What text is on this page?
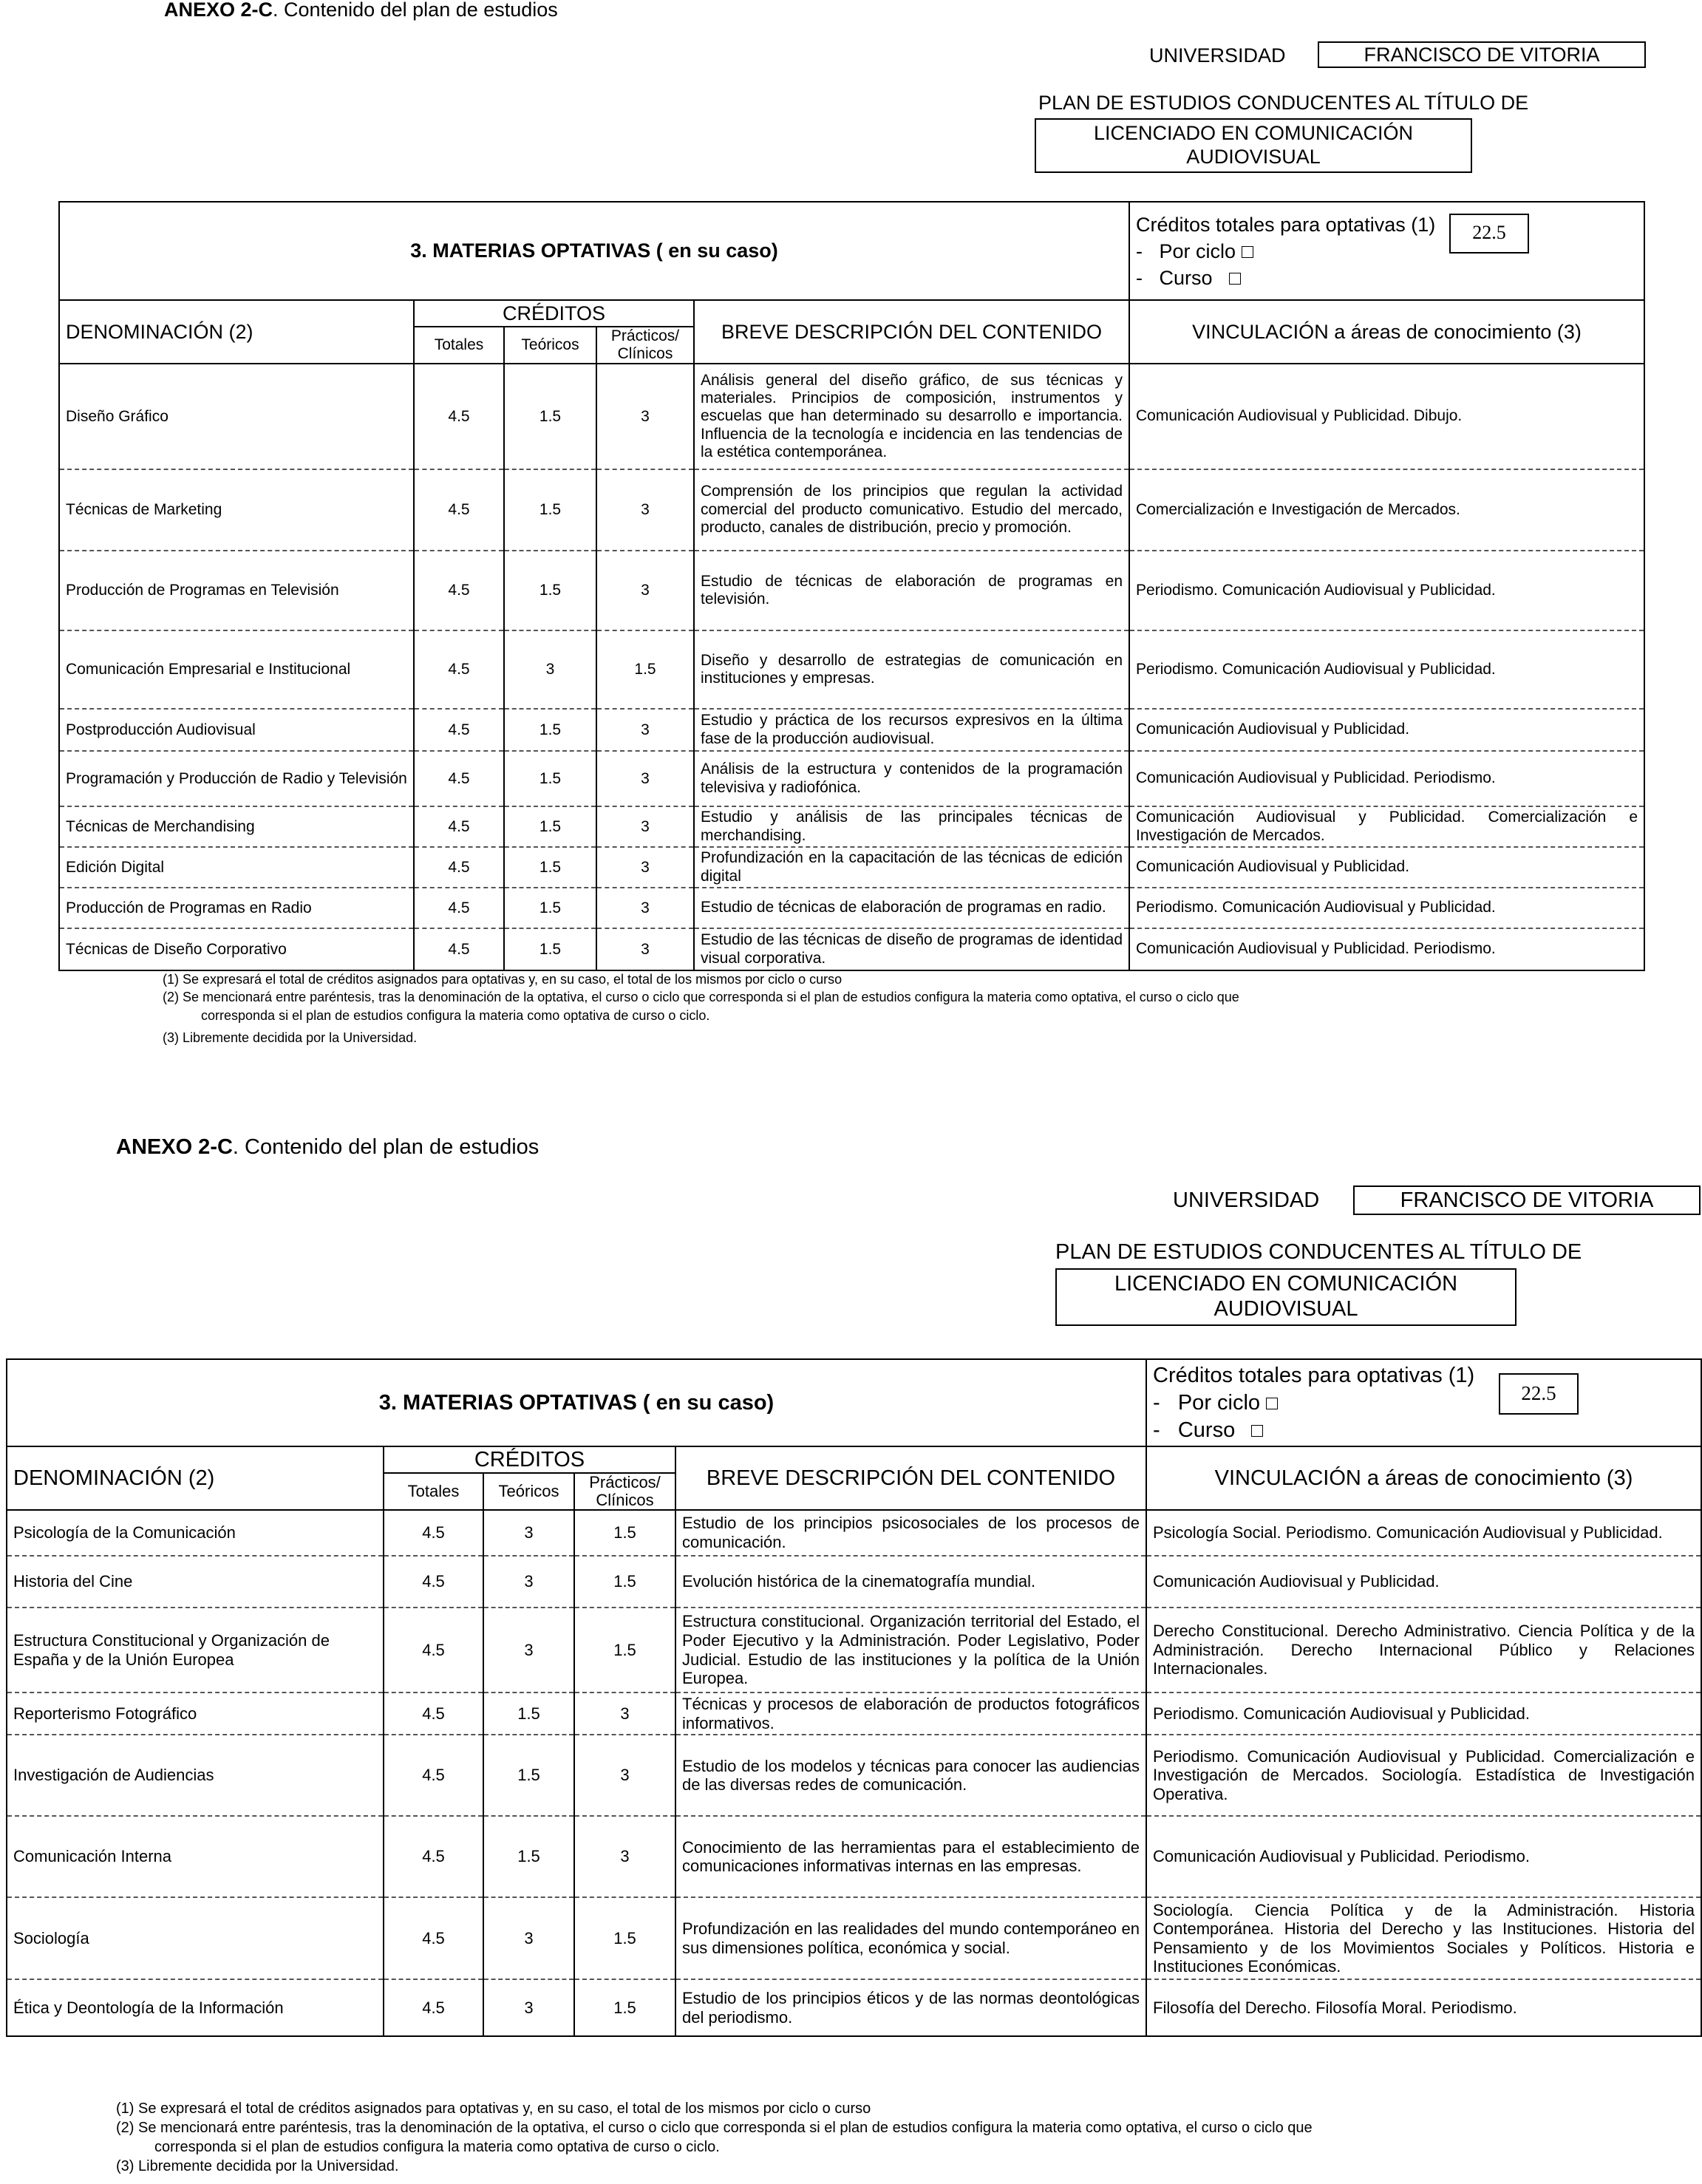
ANEXO 2-C. Contenido del plan de estudios
UNIVERSIDAD	FRANCISCO DE VITORIA
PLAN DE ESTUDIOS CONDUCENTES AL TÍTULO DE
LICENCIADO EN COMUNICACIÓN
AUDIOVISUAL
3. MATERIAS OPTATIVAS ( en su caso)					Créditos totales para optativas (1)
-   Por ciclo
-   Curso
22.5

DENOMINACIÓN (2)	CRÉDITOS			BREVE DESCRIPCIÓN DEL CONTENIDO	VINCULACIÓN a áreas de conocimiento (3)
	Totales	Teóricos	Prácticos/ Clínicos		
Diseño Gráfico	4.5	1.5	3	Análisis general del diseño gráfico, de sus técnicas y materiales. Principios de composición, instrumentos y escuelas que han determinado su desarrollo e importancia. Influencia de la tecnología e incidencia en las tendencias de la estética contemporánea.	Comunicación Audiovisual y Publicidad. Dibujo.
Técnicas de Marketing	4.5	1.5	3	Comprensión de los principios que regulan la actividad comercial del producto comunicativo. Estudio del mercado, producto, canales de distribución, precio y promoción.	Comercialización e Investigación de Mercados.
Producción de Programas en Televisión	4.5	1.5	3	Estudio de técnicas de elaboración de programas en televisión.	Periodismo. Comunicación Audiovisual y Publicidad.
Comunicación Empresarial e Institucional	4.5	3	1.5	Diseño y desarrollo de estrategias de comunicación en instituciones y empresas.	Periodismo. Comunicación Audiovisual y Publicidad.
Postproducción Audiovisual	4.5	1.5	3	Estudio y práctica de los recursos expresivos en la última fase de la producción audiovisual.	Comunicación Audiovisual y Publicidad.
Programación y Producción de Radio y Televisión	4.5	1.5	3	Análisis de la estructura y contenidos de la programación televisiva y radiofónica.	Comunicación Audiovisual y Publicidad. Periodismo.
Técnicas de Merchandising	4.5	1.5	3	Estudio y análisis de las principales técnicas de merchandising.	Comunicación Audiovisual y Publicidad. Comercialización e Investigación de Mercados.
Edición Digital	4.5	1.5	3	Profundización en la capacitación de las técnicas de edición digital	Comunicación Audiovisual y Publicidad.
Producción de Programas en Radio	4.5	1.5	3	Estudio de técnicas de elaboración de programas en radio.	Periodismo. Comunicación Audiovisual y Publicidad.
Técnicas de Diseño Corporativo	4.5	1.5	3	Estudio de las técnicas de diseño de programas de identidad visual corporativa.	Comunicación Audiovisual y Publicidad. Periodismo.
(1) Se expresará el total de créditos asignados para optativas y, en su caso, el total de los mismos por ciclo o curso
(2) Se mencionará entre paréntesis, tras la denominación de la optativa, el curso o ciclo que corresponda si el plan de estudios configura la materia como optativa, el curso o ciclo que
corresponda si el plan de estudios configura la materia como optativa de curso o ciclo.
(3) Libremente decidida por la Universidad.
ANEXO 2-C. Contenido del plan de estudios
UNIVERSIDAD	FRANCISCO DE VITORIA
PLAN DE ESTUDIOS CONDUCENTES AL TÍTULO DE
LICENCIADO EN COMUNICACIÓN
AUDIOVISUAL
3. MATERIAS OPTATIVAS ( en su caso)					Créditos totales para optativas (1)
-   Por ciclo
-   Curso
22.5

DENOMINACIÓN (2)	CRÉDITOS			BREVE DESCRIPCIÓN DEL CONTENIDO	VINCULACIÓN a áreas de conocimiento (3)
	Totales	Teóricos	Prácticos/ Clínicos		
Psicología de la Comunicación	4.5	3	1.5	Estudio de los principios psicosociales de los procesos de comunicación.	Psicología Social. Periodismo. Comunicación Audiovisual y Publicidad.
Historia del Cine	4.5	3	1.5	Evolución histórica de la cinematografía mundial.	Comunicación Audiovisual y Publicidad.
Estructura Constitucional y Organización de España y de la Unión Europea	4.5	3	1.5	Estructura constitucional. Organización territorial del Estado, el Poder Ejecutivo y la Administración. Poder Legislativo, Poder Judicial. Estudio de las instituciones y la política de la Unión Europea.	Derecho Constitucional. Derecho Administrativo. Ciencia Política y de la Administración. Derecho Internacional Público y Relaciones Internacionales.
Reporterismo Fotográfico	4.5	1.5	3	Técnicas y procesos de elaboración de productos fotográficos informativos.	Periodismo. Comunicación Audiovisual y Publicidad.
Investigación de Audiencias	4.5	1.5	3	Estudio de los modelos y técnicas para conocer las audiencias de las diversas redes de comunicación.	Periodismo. Comunicación Audiovisual y Publicidad. Comercialización e Investigación de Mercados. Sociología. Estadística de Investigación Operativa.
Comunicación Interna	4.5	1.5	3	Conocimiento de las herramientas para el establecimiento de comunicaciones informativas internas en las empresas.	Comunicación Audiovisual y Publicidad. Periodismo.
Sociología	4.5	3	1.5	Profundización en las realidades del mundo contemporáneo en sus dimensiones política, económica y social.	Sociología. Ciencia Política y de la Administración. Historia Contemporánea. Historia del Derecho y las Instituciones. Historia del Pensamiento y de los Movimientos Sociales y Políticos. Historia e Instituciones Económicas.
Ética y Deontología de la Información	4.5	3	1.5	Estudio de los principios éticos y de las normas deontológicas del periodismo.	Filosofía del Derecho. Filosofía Moral. Periodismo.
(1) Se expresará el total de créditos asignados para optativas y, en su caso, el total de los mismos por ciclo o curso
(2) Se mencionará entre paréntesis, tras la denominación de la optativa, el curso o ciclo que corresponda si el plan de estudios configura la materia como optativa, el curso o ciclo que
corresponda si el plan de estudios configura la materia como optativa de curso o ciclo.
(3) Libremente decidida por la Universidad.
